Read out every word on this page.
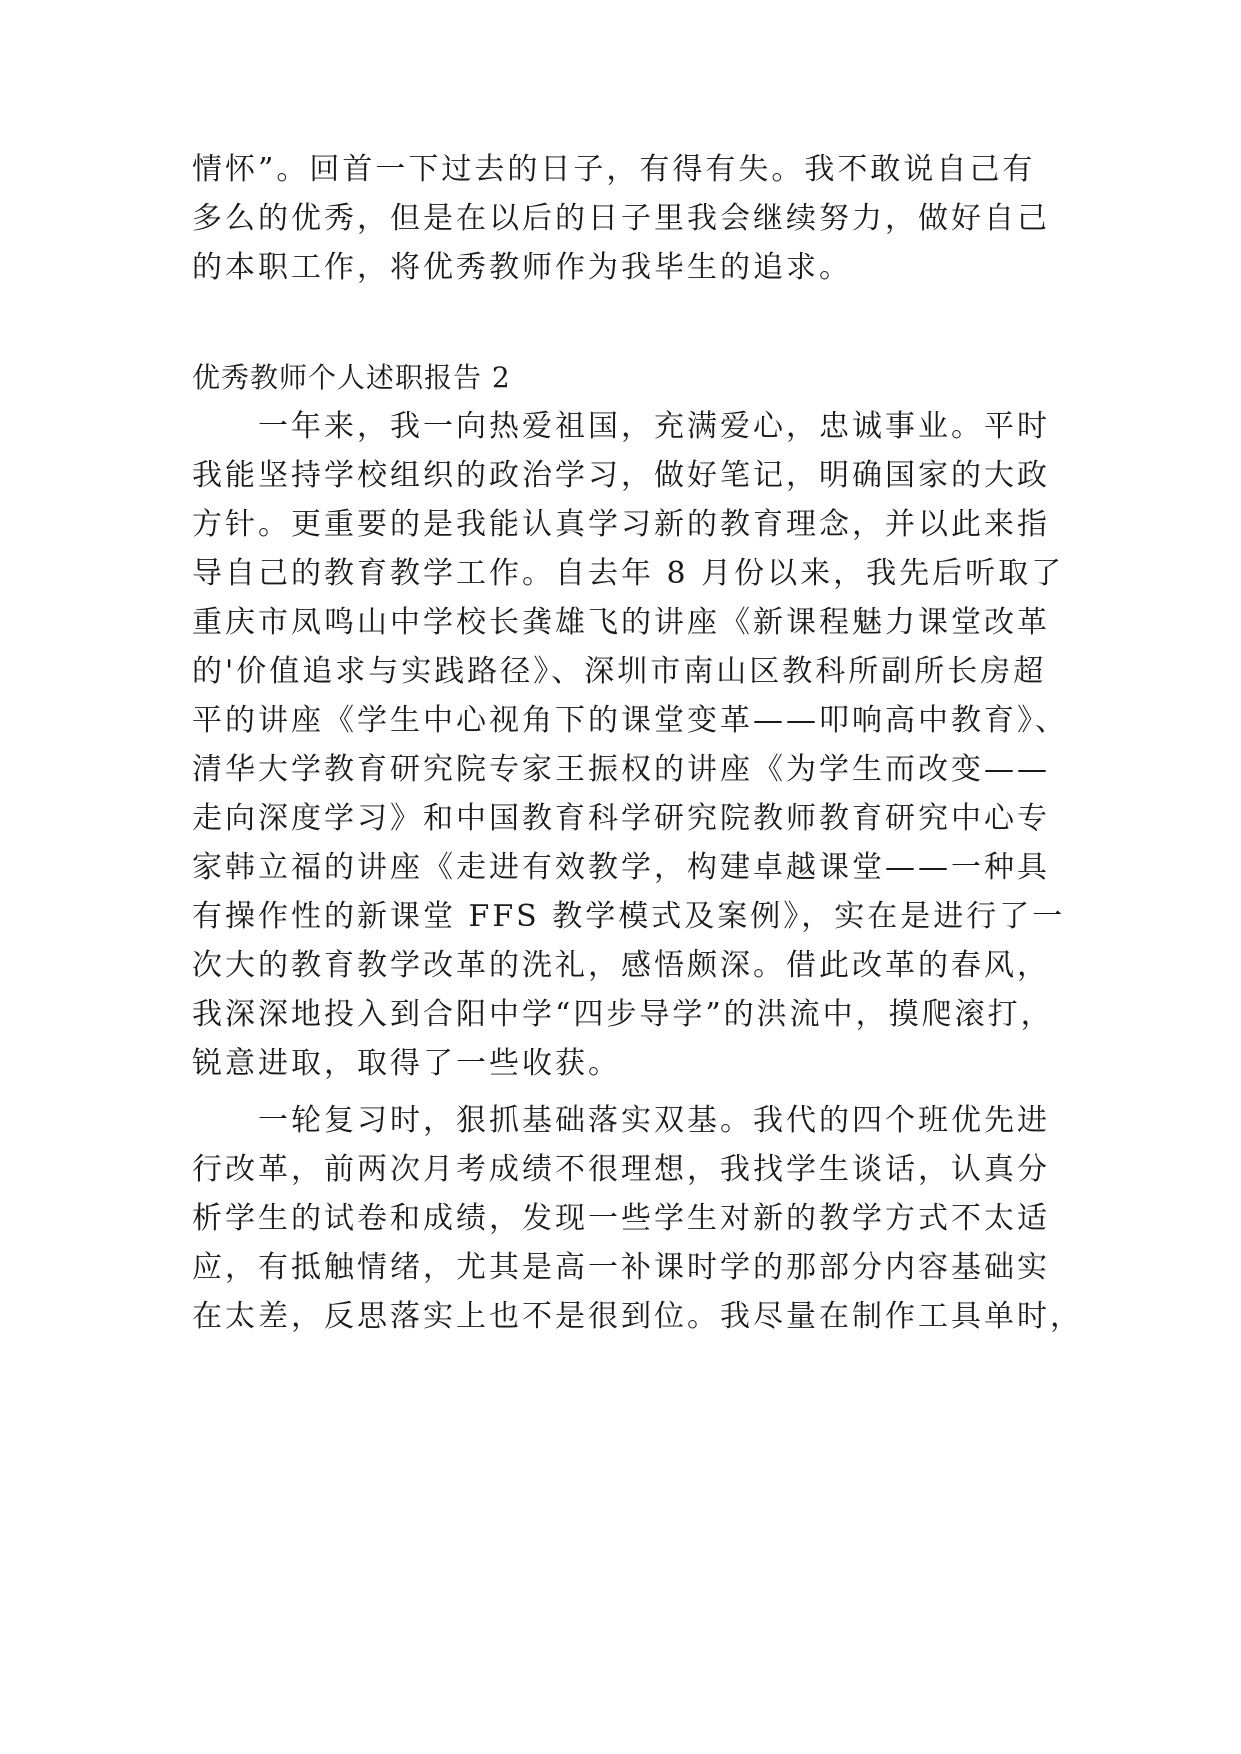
情怀”。回首一下过去的日子，有得有失。我不敢说自己有
多么的优秀，但是在以后的日子里我会继续努力，做好自己
的本职工作，将优秀教师作为我毕生的追求。
优秀教师个人述职报告 2
一年来，我一向热爱祖国，充满爱心，忠诚事业。平时
我能坚持学校组织的政治学习，做好笔记，明确国家的大政
方针。更重要的是我能认真学习新的教育理念，并以此来指
导自己的教育教学工作。自去年 8 月份以来，我先后听取了
重庆市凤鸣山中学校长龚雄飞的讲座《新课程魅力课堂改革
的'价值追求与实践路径》、深圳市南山区教科所副所长房超
平的讲座《学生中心视角下的课堂变革——叩响高中教育》、
清华大学教育研究院专家王振权的讲座《为学生而改变——
走向深度学习》和中国教育科学研究院教师教育研究中心专
家韩立福的讲座《走进有效教学，构建卓越课堂——一种具
有操作性的新课堂 FFS 教学模式及案例》，实在是进行了一
次大的教育教学改革的洗礼，感悟颇深。借此改革的春风，
我深深地投入到合阳中学“四步导学”的洪流中，摸爬滚打，
锐意进取，取得了一些收获。
一轮复习时，狠抓基础落实双基。我代的四个班优先进
行改革，前两次月考成绩不很理想，我找学生谈话，认真分
析学生的试卷和成绩，发现一些学生对新的教学方式不太适
应，有抵触情绪，尤其是高一补课时学的那部分内容基础实
在太差，反思落实上也不是很到位。我尽量在制作工具单时，
